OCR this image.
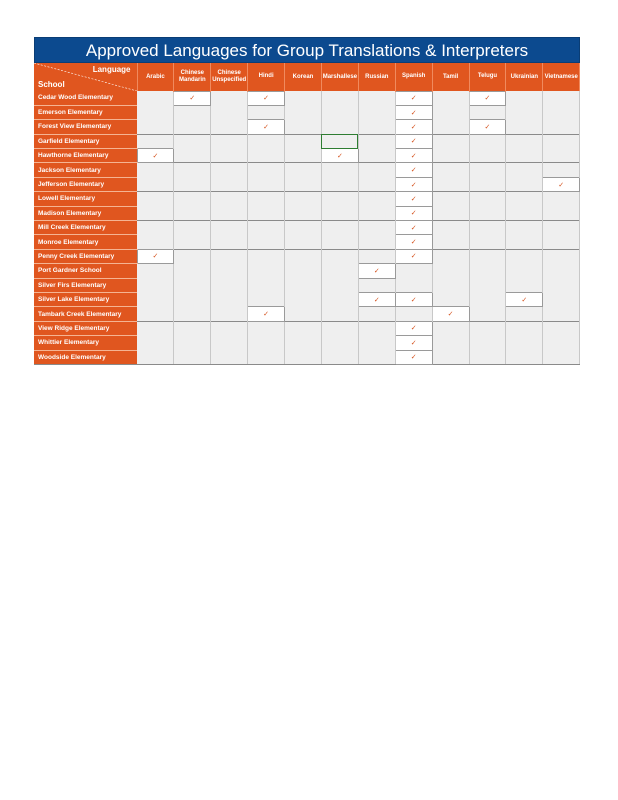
Approved Languages for Group Translations & Interpreters
Language
School	Arabic	Chinese Mandarin	Chinese Unspecified	Hindi	Korean	Marshallese	Russian	Spanish	Tamil	Telugu	Ukrainian	Vietnamese
Cedar Wood Elementary		✓		✓				✓		✓		
Emerson Elementary								✓				
Forest View Elementary				✓				✓		✓		
Garfield Elementary								✓				
Hawthorne Elementary	✓					✓		✓				
Jackson Elementary								✓				
Jefferson Elementary								✓				✓
Lowell Elementary								✓				
Madison Elementary								✓				
Mill Creek Elementary								✓				
Monroe Elementary								✓				
Penny Creek Elementary	✓							✓				
Port Gardner School							✓					
Silver Firs Elementary												
Silver Lake Elementary							✓	✓			✓	
Tambark Creek Elementary				✓					✓			
View Ridge Elementary								✓				
Whittier Elementary								✓				
Woodside Elementary								✓				
